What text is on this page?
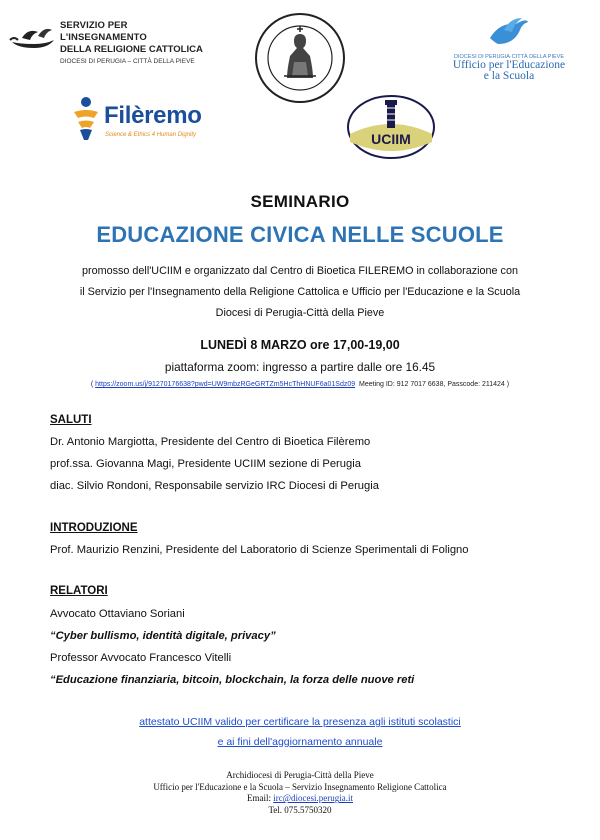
SERVIZIO PER L'INSEGNAMENTO
DELLA RELIGIONE CATTOLICA
DIOCESI DI PERUGIA – CITTÀ DELLA PIEVE
DIOCESI DI PERUGIA·CITTÀ DELLA PIEVE
Ufficio per l'Educazione
e la Scuola
Filèremo
Science & Ethics 4 Human Dignity	UCIIM
SEMINARIO
EDUCAZIONE CIVICA NELLE SCUOLE
promosso dell'UCIIM e organizzato dal Centro di Bioetica FILEREMO in collaborazione con
il Servizio per l'Insegnamento della Religione Cattolica e Ufficio per l'Educazione e la Scuola
Diocesi di Perugia-Città della Pieve
LUNEDÌ 8 MARZO ore 17,00-19,00
piattaforma zoom: ingresso a partire dalle ore 16.45
( https://zoom.us/j/91270176638?pwd=UW9mbzRGeGRTZm5HcThHNUF6a01Sdz09 Meeting ID: 912 7017 6638, Passcode: 211424 )
SALUTI
Dr. Antonio Margiotta, Presidente del Centro di Bioetica Filèremo
prof.ssa. Giovanna Magi, Presidente UCIIM sezione di Perugia
diac. Silvio Rondoni, Responsabile servizio IRC Diocesi di Perugia
INTRODUZIONE
Prof. Maurizio Renzini, Presidente del Laboratorio di Scienze Sperimentali di Foligno
RELATORI
Avvocato Ottaviano Soriani
“Cyber bullismo, identità digitale, privacy”
Professor Avvocato Francesco Vitelli
“Educazione finanziaria, bitcoin, blockchain, la forza delle nuove reti
attestato UCIIM valido per certificare la presenza agli istituti scolastici
e ai fini dell'aggiornamento annuale
Archidiocesi di Perugia-Città della Pieve
Ufficio per l'Educazione e la Scuola – Servizio Insegnamento Religione Cattolica
Email: irc@diocesi.perugia.it
Tel. 075.5750320
